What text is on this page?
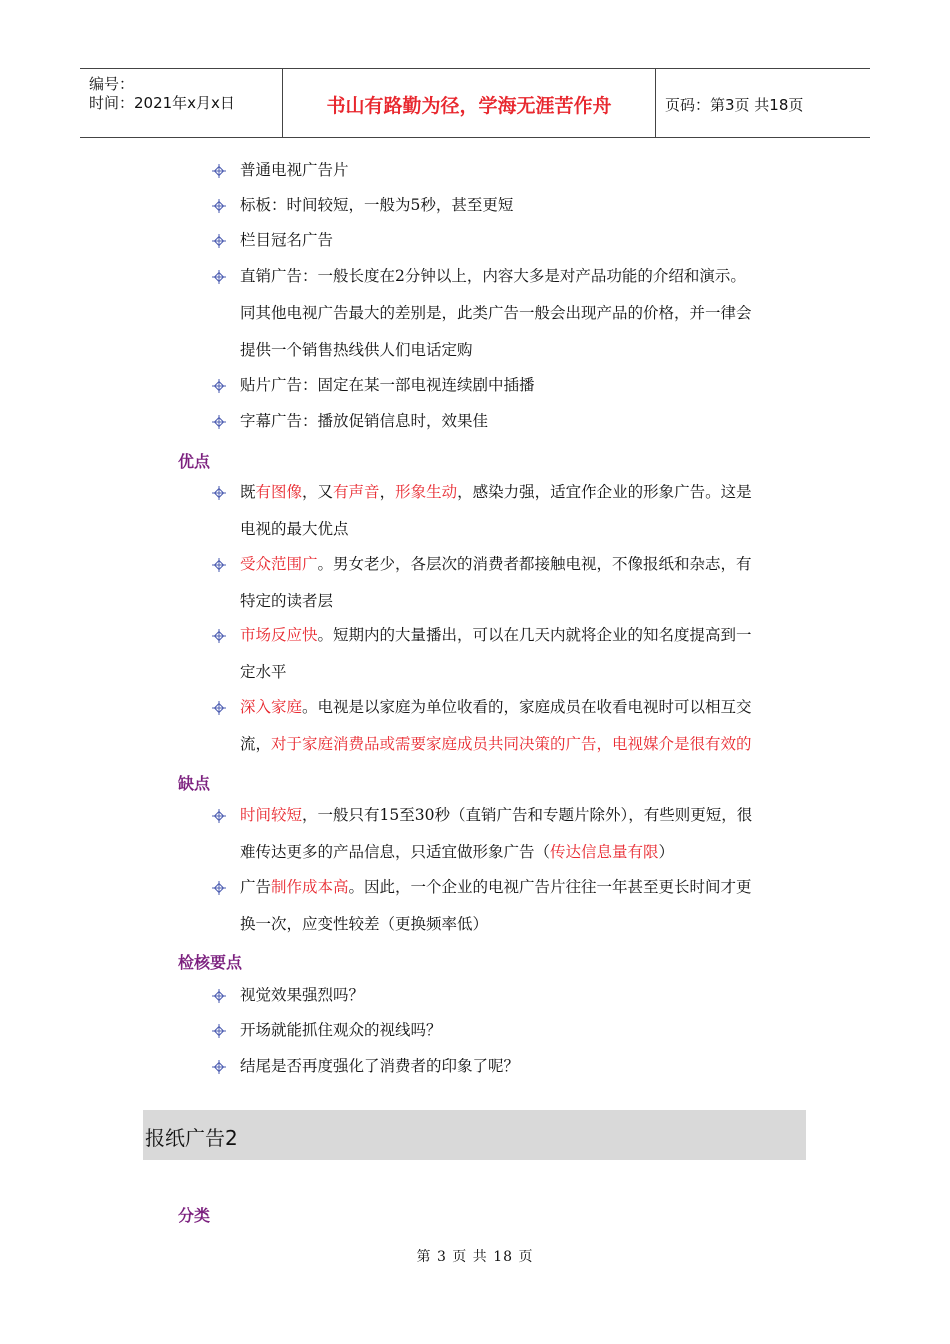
编号：
时间：2021年x月x日	书山有路勤为径，学海无涯苦作舟	页码：第3页 共18页
普通电视广告片
标板：时间较短，一般为5秒，甚至更短
栏目冠名广告
直销广告：一般长度在2分钟以上，内容大多是对产品功能的介绍和演示。
同其他电视广告最大的差别是，此类广告一般会出现产品的价格，并一律会
提供一个销售热线供人们电话定购
贴片广告：固定在某一部电视连续剧中插播
字幕广告：播放促销信息时，效果佳
优点
既有图像，又有声音，形象生动，感染力强，适宜作企业的形象广告。这是
电视的最大优点
受众范围广。男女老少，各层次的消费者都接触电视，不像报纸和杂志，有
特定的读者层
市场反应快。短期内的大量播出，可以在几天内就将企业的知名度提高到一
定水平
深入家庭。电视是以家庭为单位收看的，家庭成员在收看电视时可以相互交
流，对于家庭消费品或需要家庭成员共同决策的广告，电视媒介是很有效的
缺点
时间较短，一般只有15至30秒（直销广告和专题片除外），有些则更短，很
难传达更多的产品信息，只适宜做形象广告（传达信息量有限）
广告制作成本高。因此，一个企业的电视广告片往往一年甚至更长时间才更
换一次，应变性较差（更换频率低）
检核要点
视觉效果强烈吗？
开场就能抓住观众的视线吗？
结尾是否再度强化了消费者的印象了呢？
报纸广告2
分类
第 3 页 共 18 页
